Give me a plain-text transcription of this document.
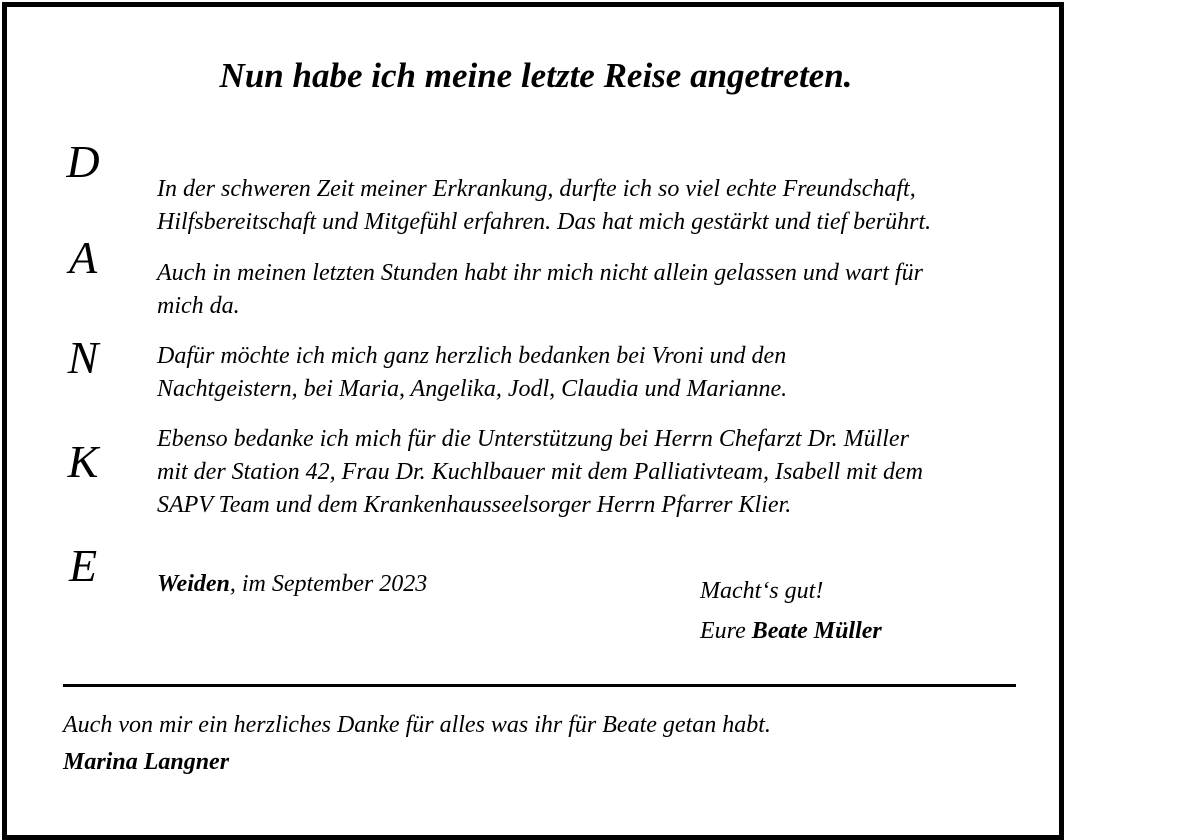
Nun habe ich meine letzte Reise angetreten.
D
A
N
K
E
In der schweren Zeit meiner Erkrankung, durfte ich so viel echte Freundschaft,
Hilfsbereitschaft und Mitgefühl erfahren. Das hat mich gestärkt und tief berührt.
Auch in meinen letzten Stunden habt ihr mich nicht allein gelassen und wart für
mich da.
Dafür möchte ich mich ganz herzlich bedanken bei Vroni und den
Nachtgeistern, bei Maria, Angelika, Jodl, Claudia und Marianne.
Ebenso bedanke ich mich für die Unterstützung bei Herrn Chefarzt Dr. Müller
mit der Station 42, Frau Dr. Kuchlbauer mit dem Palliativteam, Isabell mit dem
SAPV Team und dem Krankenhausseelsorger Herrn Pfarrer Klier.
Weiden, im September 2023	Macht‘s gut!
Eure Beate Müller
Auch von mir ein herzliches Danke für alles was ihr für Beate getan habt.
Marina Langner
